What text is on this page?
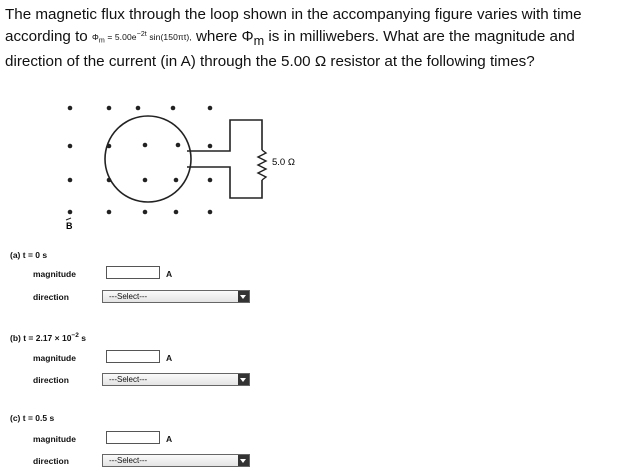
The magnetic flux through the loop shown in the accompanying figure varies with time according to $\Phi_m = 5.00e^{-2t}$ sin(150πt), where $\Phi_m$ is in milliwebers. What are the magnitude and direction of the current (in A) through the 5.00 Ω resistor at the following times?
5.0 Ω
B
(a) t = 0 s
magnitude	A
direction	---Select---
(b) $t = 2.17 \times 10^{-2}$ s
magnitude	A
direction	---Select---
(c) t = 0.5 s
magnitude	A
direction	---Select---
